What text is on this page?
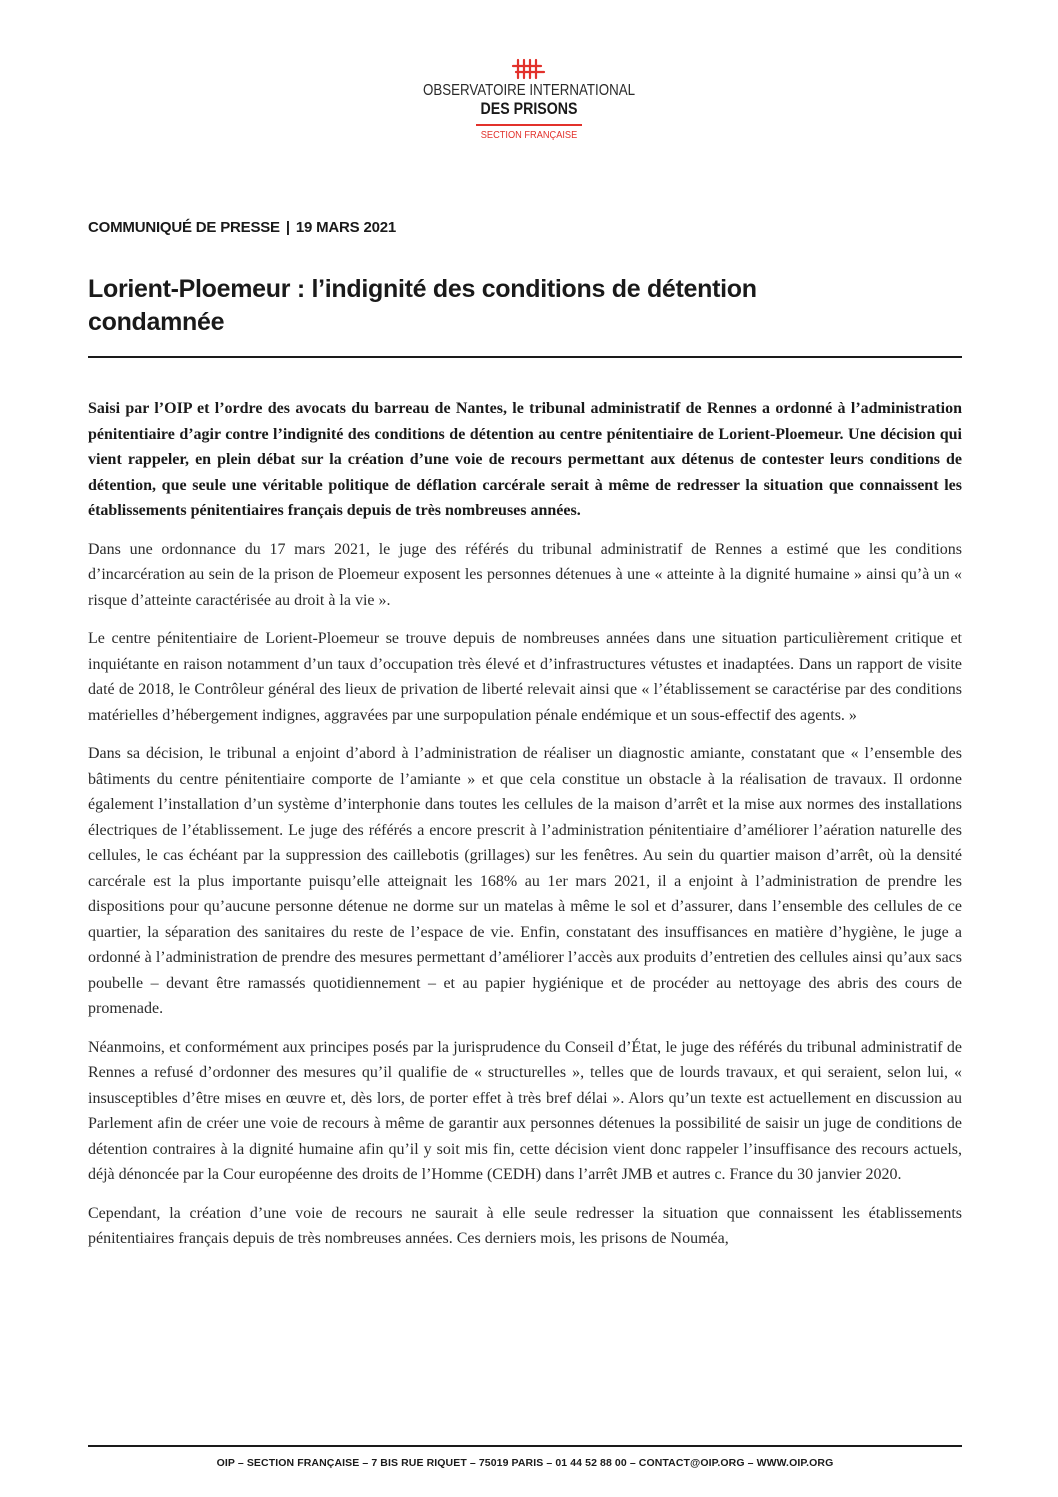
OBSERVATOIRE INTERNATIONAL
DES PRISONS
SECTION FRANÇAISE
COMMUNIQUÉ DE PRESSE | 19 MARS 2021
Lorient-Ploemeur : l’indignité des conditions de détention
condamnée

Saisi par l’OIP et l’ordre des avocats du barreau de Nantes, le tribunal administratif de Rennes a ordonné à l’administration pénitentiaire d’agir contre l’indignité des conditions de détention au centre pénitentiaire de Lorient-Ploemeur. Une décision qui vient rappeler, en plein débat sur la création d’une voie de recours permettant aux détenus de contester leurs conditions de détention, que seule une véritable politique de déflation carcérale serait à même de redresser la situation que connaissent les établissements pénitentiaires français depuis de très nombreuses années.

Dans une ordonnance du 17 mars 2021, le juge des référés du tribunal administratif de Rennes a estimé que les conditions d’incarcération au sein de la prison de Ploemeur exposent les personnes détenues à une « atteinte à la dignité humaine » ainsi qu’à un « risque d’atteinte caractérisée au droit à la vie ».

Le centre pénitentiaire de Lorient-Ploemeur se trouve depuis de nombreuses années dans une situation particulièrement critique et inquiétante en raison notamment d’un taux d’occupation très élevé et d’infrastructures vétustes et inadaptées. Dans un rapport de visite daté de 2018, le Contrôleur général des lieux de privation de liberté relevait ainsi que « l’établissement se caractérise par des conditions matérielles d’hébergement indignes, aggravées par une surpopulation pénale endémique et un sous-effectif des agents. »

Dans sa décision, le tribunal a enjoint d’abord à l’administration de réaliser un diagnostic amiante, constatant que « l’ensemble des bâtiments du centre pénitentiaire comporte de l’amiante » et que cela constitue un obstacle à la réalisation de travaux. Il ordonne également l’installation d’un système d’interphonie dans toutes les cellules de la maison d’arrêt et la mise aux normes des installations électriques de l’établissement. Le juge des référés a encore prescrit à l’administration pénitentiaire d’améliorer l’aération naturelle des cellules, le cas échéant par la suppression des caillebotis (grillages) sur les fenêtres. Au sein du quartier maison d’arrêt, où la densité carcérale est la plus importante puisqu’elle atteignait les 168% au 1er mars 2021, il a enjoint à l’administration de prendre les dispositions pour qu’aucune personne détenue ne dorme sur un matelas à même le sol et d’assurer, dans l’ensemble des cellules de ce quartier, la séparation des sanitaires du reste de l’espace de vie. Enfin, constatant des insuffisances en matière d’hygiène, le juge a ordonné à l’administration de prendre des mesures permettant d’améliorer l’accès aux produits d’entretien des cellules ainsi qu’aux sacs poubelle – devant être ramassés quotidiennement – et au papier hygiénique et de procéder au nettoyage des abris des cours de promenade.

Néanmoins, et conformément aux principes posés par la jurisprudence du Conseil d’État, le juge des référés du tribunal administratif de Rennes a refusé d’ordonner des mesures qu’il qualifie de « structurelles », telles que de lourds travaux, et qui seraient, selon lui, « insusceptibles d’être mises en œuvre et, dès lors, de porter effet à très bref délai ». Alors qu’un texte est actuellement en discussion au Parlement afin de créer une voie de recours à même de garantir aux personnes détenues la possibilité de saisir un juge de conditions de détention contraires à la dignité humaine afin qu’il y soit mis fin, cette décision vient donc rappeler l’insuffisance des recours actuels, déjà dénoncée par la Cour européenne des droits de l’Homme (CEDH) dans l’arrêt JMB et autres c. France du 30 janvier 2020.

Cependant, la création d’une voie de recours ne saurait à elle seule redresser la situation que connaissent les établissements pénitentiaires français depuis de très nombreuses années. Ces derniers mois, les prisons de Nouméa,

OIP – SECTION FRANÇAISE – 7 BIS RUE RIQUET – 75019 PARIS – 01 44 52 88 00 – CONTACT@OIP.ORG – WWW.OIP.ORG
